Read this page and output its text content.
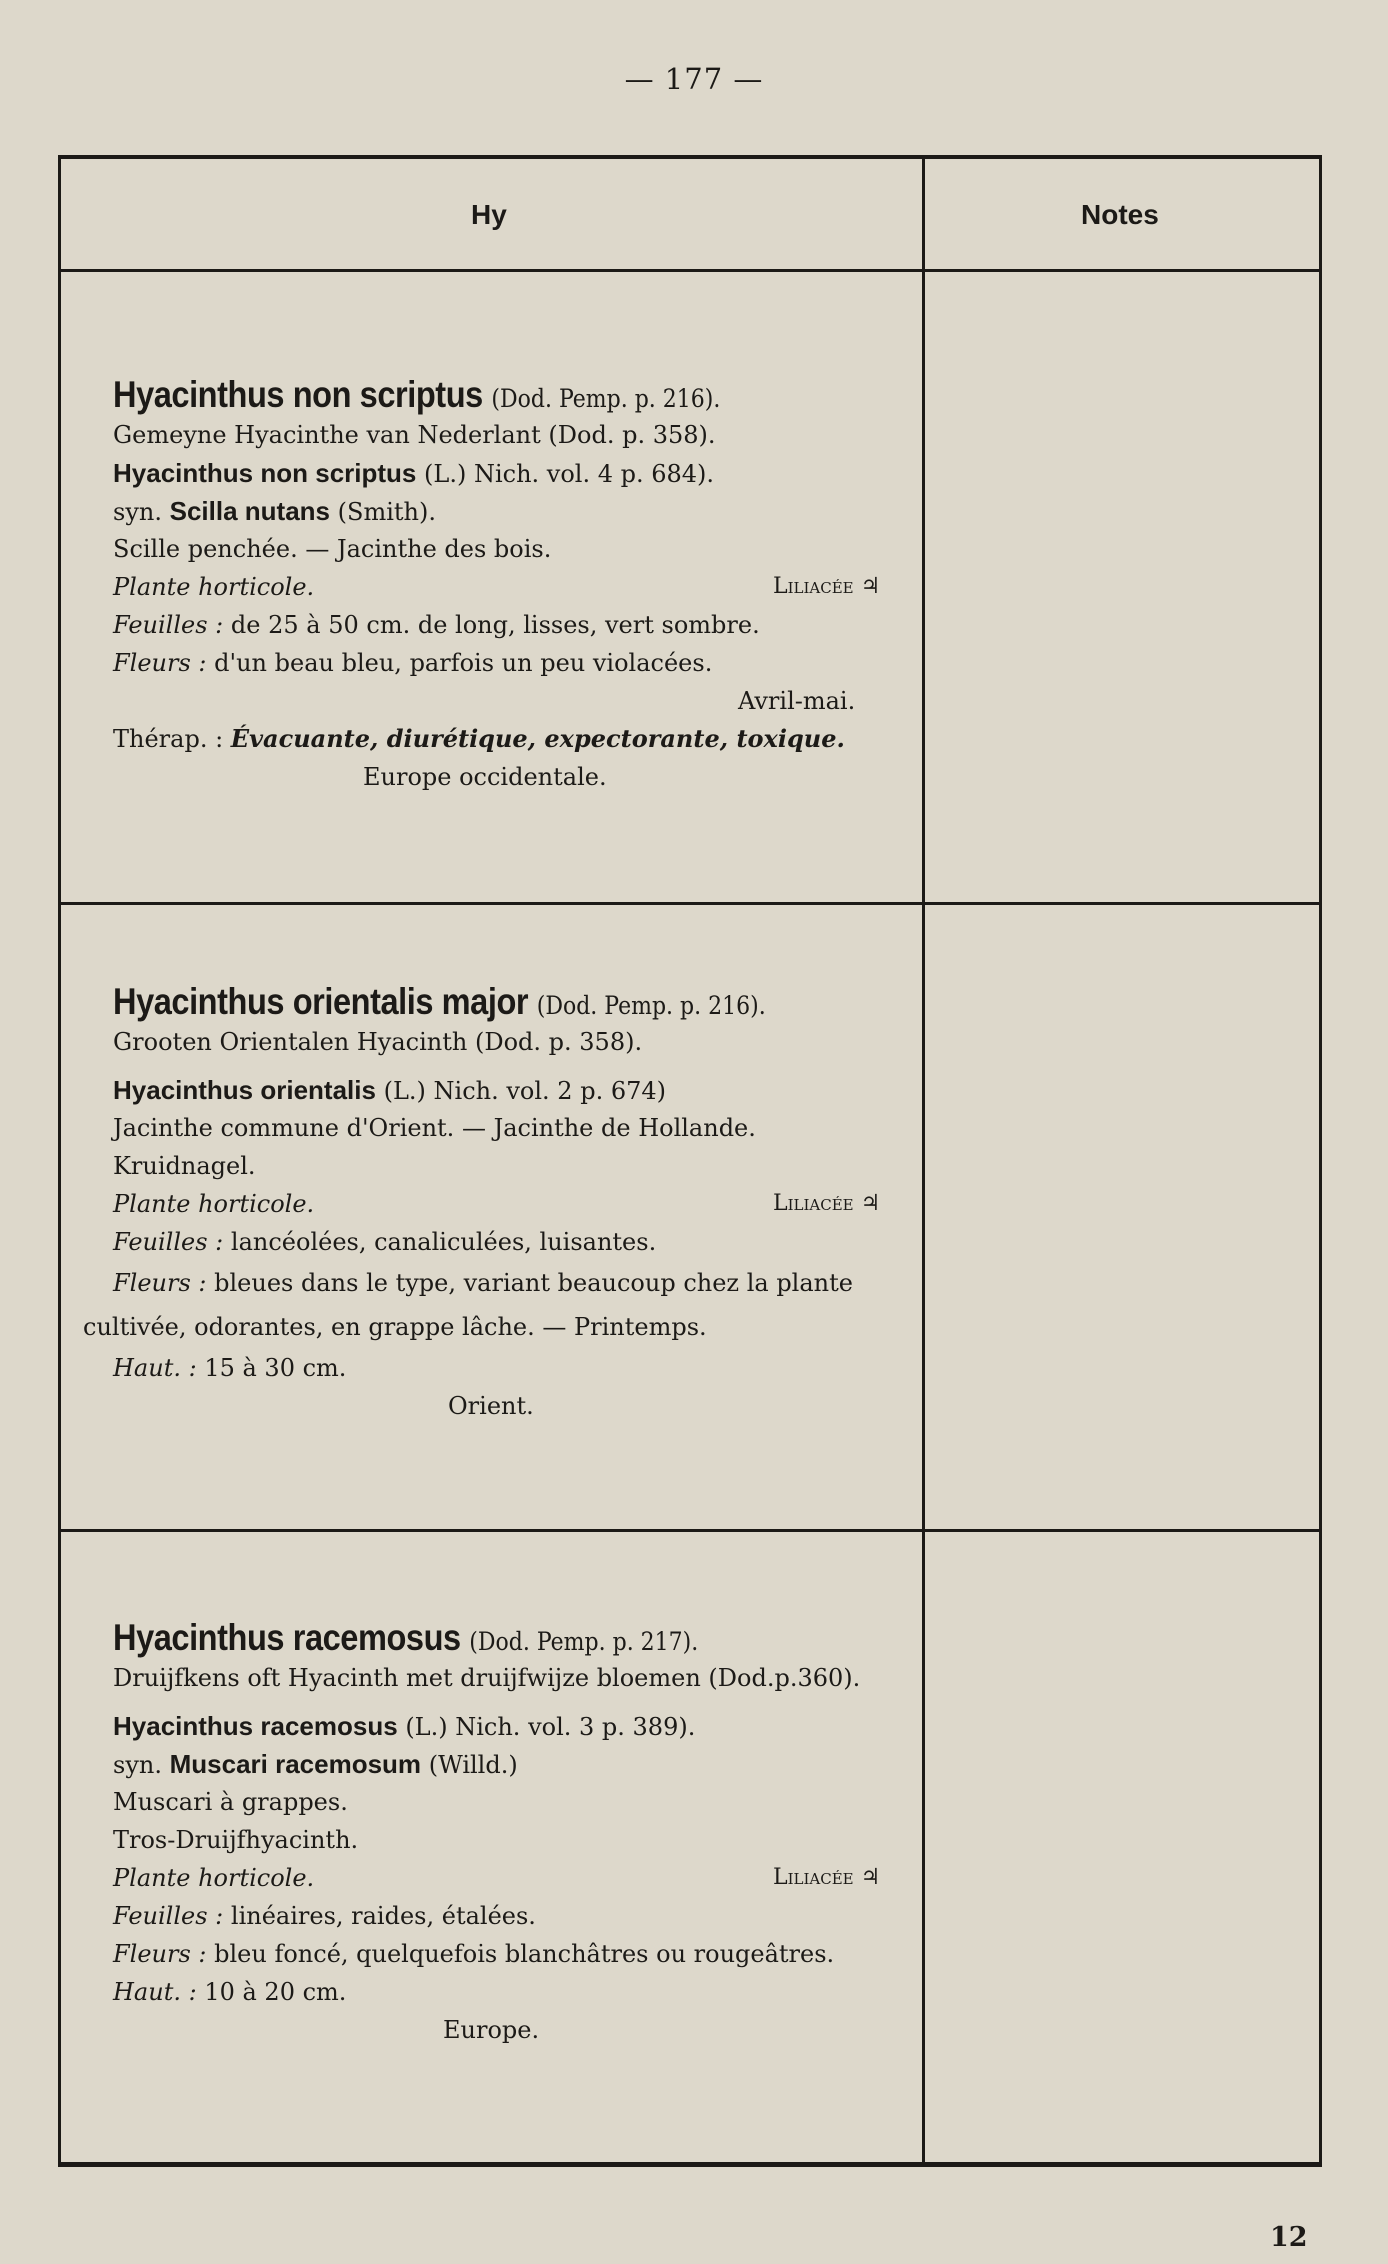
— 177 —
Hy	Notes
Hyacinthus non scriptus (Dod. Pemp. p. 216).
Gemeyne Hyacinthe van Nederlant (Dod. p. 358).
Hyacinthus non scriptus (L.) Nich. vol. 4 p. 684).
syn. Scilla nutans (Smith).
Scille penchée. — Jacinthe des bois.
Plante horticole.	Liliacée ♃
Feuilles : de 25 à 50 cm. de long, lisses, vert sombre.
Fleurs : d'un beau bleu, parfois un peu violacées.
Avril-mai.
Thérap. : Évacuante, diurétique, expectorante, toxique.
Europe occidentale.
Hyacinthus orientalis major (Dod. Pemp. p. 216).
Grooten Orientalen Hyacinth (Dod. p. 358).
Hyacinthus orientalis (L.) Nich. vol. 2 p. 674)
Jacinthe commune d'Orient. — Jacinthe de Hollande.
Kruidnagel.
Plante horticole.	Liliacée ♃
Feuilles : lancéolées, canaliculées, luisantes.
Fleurs : bleues dans le type, variant beaucoup chez la plante
cultivée, odorantes, en grappe lâche. — Printemps.
Haut. : 15 à 30 cm.
Orient.
Hyacinthus racemosus (Dod. Pemp. p. 217).
Druijfkens oft Hyacinth met druijfwijze bloemen (Dod.p.360).
Hyacinthus racemosus (L.) Nich. vol. 3 p. 389).
syn. Muscari racemosum (Willd.)
Muscari à grappes.
Tros-Druijfhyacinth.
Plante horticole.	Liliacée ♃
Feuilles : linéaires, raides, étalées.
Fleurs : bleu foncé, quelquefois blanchâtres ou rougeâtres.
Haut. : 10 à 20 cm.
Europe.
12
